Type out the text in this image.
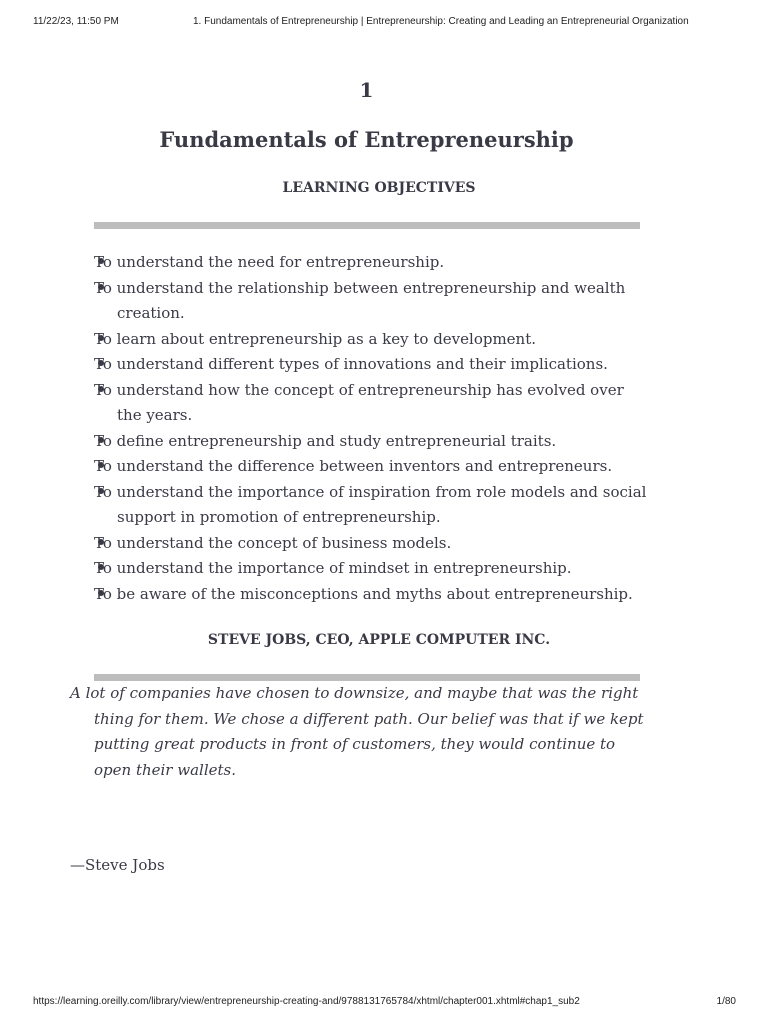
11/22/23, 11:50 PM	1. Fundamentals of Entrepreneurship | Entrepreneurship: Creating and Leading an Entrepreneurial Organization
1
Fundamentals of Entrepreneurship
LEARNING OBJECTIVES
To understand the need for entrepreneurship.
To understand the relationship between entrepreneurship and wealth creation.
To learn about entrepreneurship as a key to development.
To understand different types of innovations and their implications.
To understand how the concept of entrepreneurship has evolved over the years.
To define entrepreneurship and study entrepreneurial traits.
To understand the difference between inventors and entrepreneurs.
To understand the importance of inspiration from role models and social support in promotion of entrepreneurship.
To understand the concept of business models.
To understand the importance of mindset in entrepreneurship.
To be aware of the misconceptions and myths about entrepreneurship.
STEVE JOBS, CEO, APPLE COMPUTER INC.

A lot of companies have chosen to downsize, and maybe that was the right thing for them. We chose a different path. Our belief was that if we kept putting great products in front of customers, they would continue to open their wallets.

—Steve Jobs
https://learning.oreilly.com/library/view/entrepreneurship-creating-and/9788131765784/xhtml/chapter001.xhtml#chap1_sub2	1/80
